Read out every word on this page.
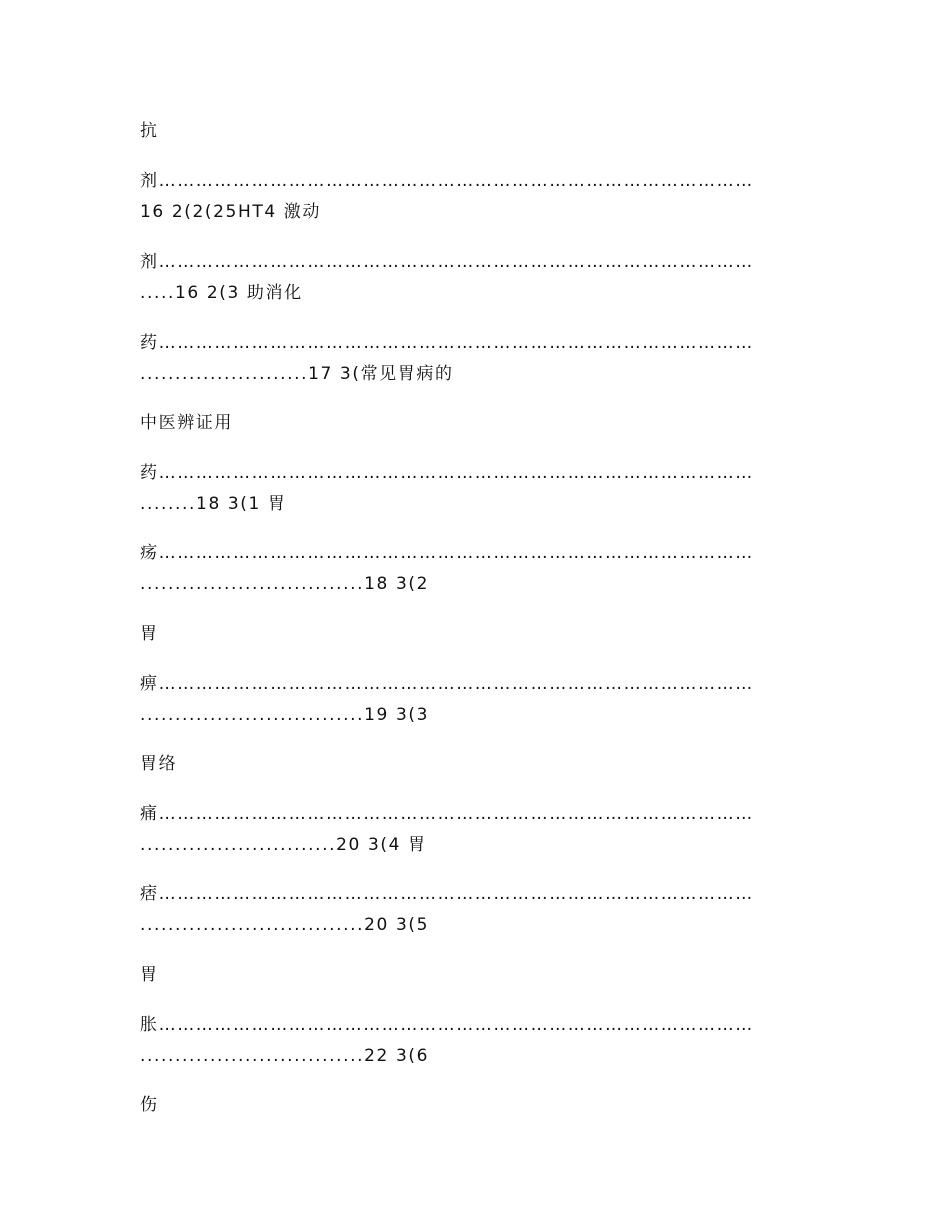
抗
剂……………………………………………………………………………………
16 2(2(25HT4 激动
剂……………………………………………………………………………………
.....16 2(3 助消化
药……………………………………………………………………………………
........................17 3(常见胃病的
中医辨证用
药……………………………………………………………………………………
........18 3(1 胃
疡……………………………………………………………………………………
................................18 3(2
胃
痹……………………………………………………………………………………
................................19 3(3
胃络
痛……………………………………………………………………………………
............................20 3(4 胃
痞……………………………………………………………………………………
................................20 3(5
胃
胀……………………………………………………………………………………
................................22 3(6
伤
